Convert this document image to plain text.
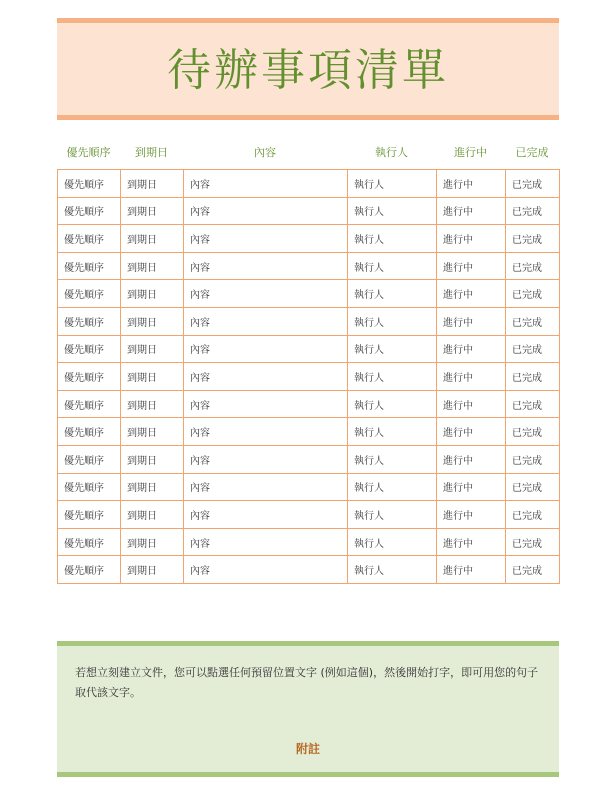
待辦事項清單
優先順序	到期日	內容	執行人	進行中	已完成
優先順序	到期日	內容	執行人	進行中	已完成
優先順序	到期日	內容	執行人	進行中	已完成
優先順序	到期日	內容	執行人	進行中	已完成
優先順序	到期日	內容	執行人	進行中	已完成
優先順序	到期日	內容	執行人	進行中	已完成
優先順序	到期日	內容	執行人	進行中	已完成
優先順序	到期日	內容	執行人	進行中	已完成
優先順序	到期日	內容	執行人	進行中	已完成
優先順序	到期日	內容	執行人	進行中	已完成
優先順序	到期日	內容	執行人	進行中	已完成
優先順序	到期日	內容	執行人	進行中	已完成
優先順序	到期日	內容	執行人	進行中	已完成
優先順序	到期日	內容	執行人	進行中	已完成
優先順序	到期日	內容	執行人	進行中	已完成
優先順序	到期日	內容	執行人	進行中	已完成
若想立刻建立文件，您可以點選任何預留位置文字 (例如這個)，然後開始打字，即可用您的句子取代該文字。
附註
